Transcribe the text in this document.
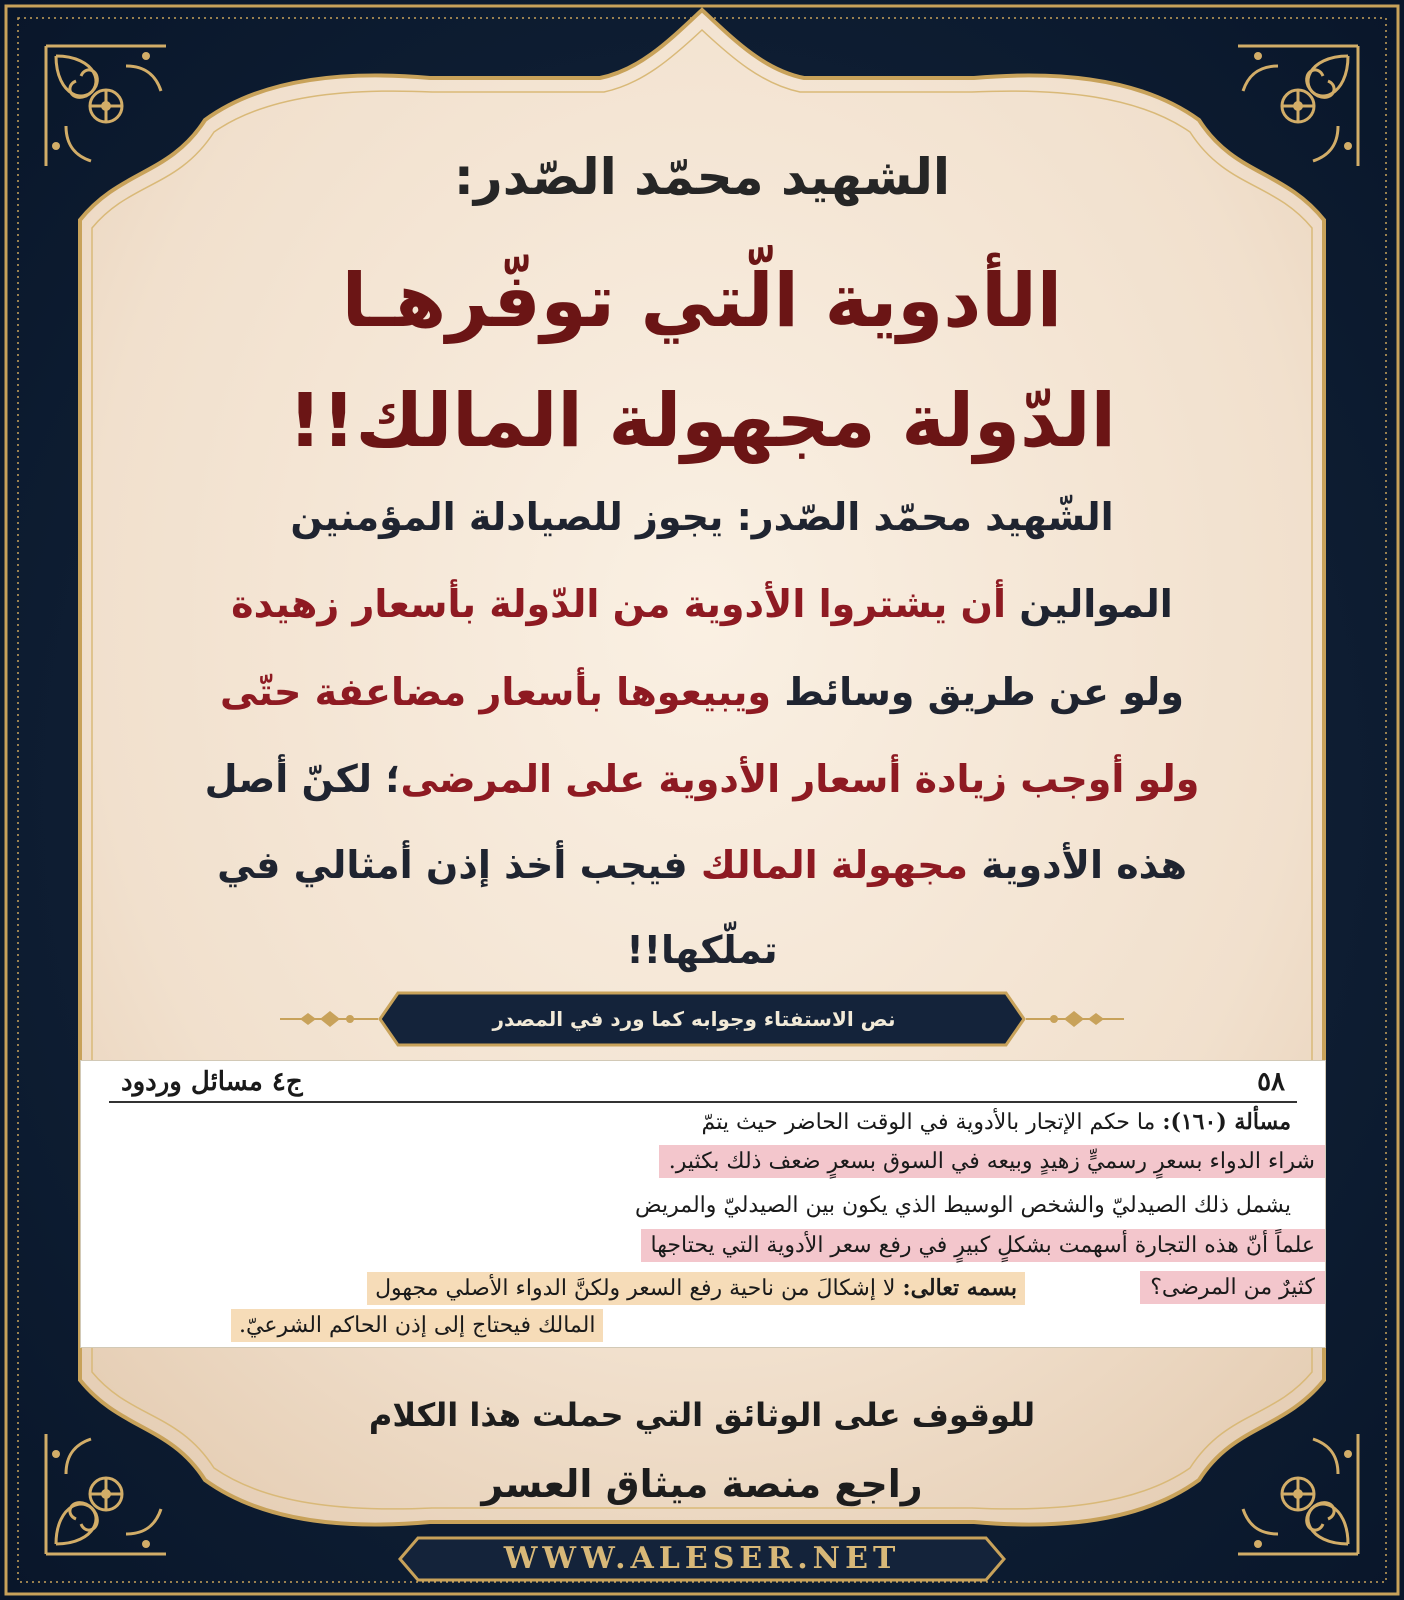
الشهيد محمّد الصّدر:
الأدوية الّتي توفّرهـا
الدّولة مجهولة المالك!!
الشّهيد محمّد الصّدر: يجوز للصيادلة المؤمنين
الموالين أن يشتروا الأدوية من الدّولة بأسعار زهيدة
ولو عن طريق وسائط ويبيعوها بأسعار مضاعفة حتّى
ولو أوجب زيادة أسعار الأدوية على المرضى؛ لكنّ أصل
هذه الأدوية مجهولة المالك فيجب أخذ إذن أمثالي في
تملّكها!!
نص الاستفتاء وجوابه كما ورد في المصدر
٥٨
ج٤ مسائل وردود
مسألة (١٦٠): ما حكم الإتجار بالأدوية في الوقت الحاضر حيث يتمّ
شراء الدواء بسعرٍ رسميٍّ زهيدٍ وبيعه في السوق بسعرٍ ضعف ذلك بكثير.
يشمل ذلك الصيدليّ والشخص الوسيط الذي يكون بين الصيدليّ والمريض
علماً أنّ هذه التجارة أسهمت بشكلٍ كبيرٍ في رفع سعر الأدوية التي يحتاجها
كثيرٌ من المرضى؟
بسمه تعالى: لا إشكالَ من ناحية رفع السعر ولكنَّ الدواء الأصلي مجهول
المالك فيحتاج إلى إذن الحاكم الشرعيّ.
للوقوف على الوثائق التي حملت هذا الكلام
راجع منصة ميثاق العسر
WWW.ALESER.NET
